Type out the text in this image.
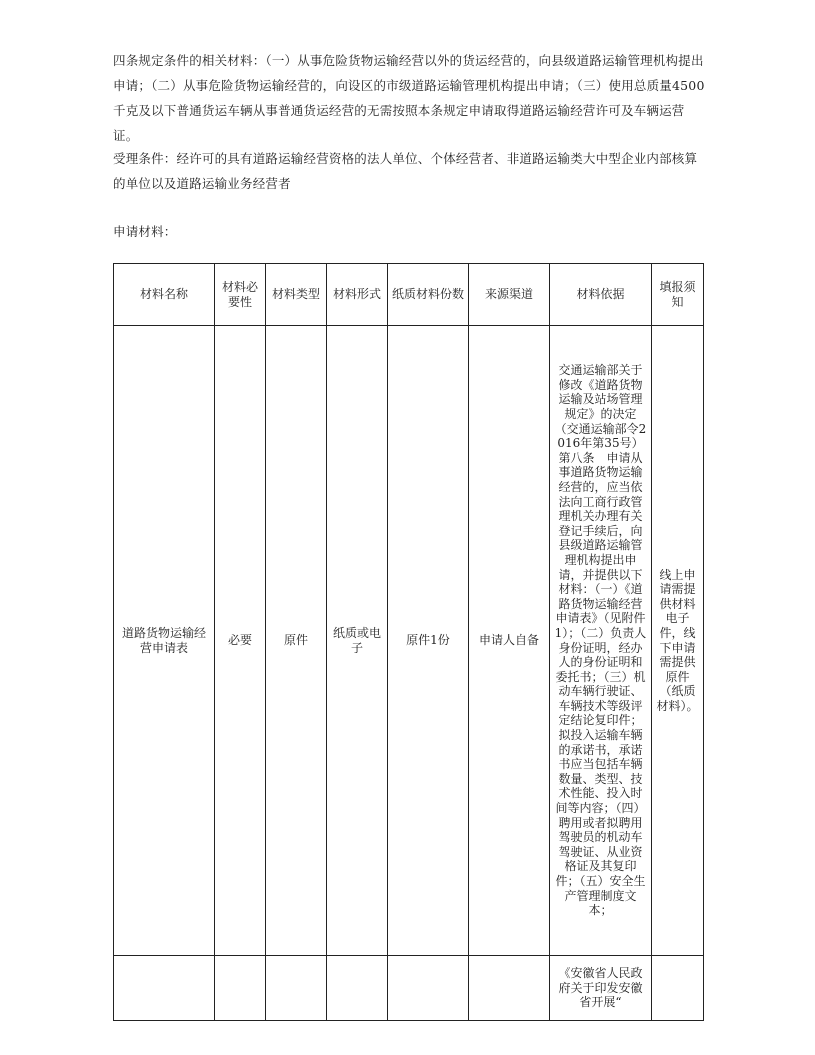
四条规定条件的相关材料：（一）从事危险货物运输经营以外的货运经营的，向县级道路运输管理机构提出申请；（二）从事危险货物运输经营的，向设区的市级道路运输管理机构提出申请；（三）使用总质量4500千克及以下普通货运车辆从事普通货运经营的无需按照本条规定申请取得道路运输经营许可及车辆运营证。

受理条件：经许可的具有道路运输经营资格的法人单位、个体经营者、非道路运输类大中型企业内部核算的单位以及道路运输业务经营者

申请材料：

材料名称	材料必要性	材料类型	材料形式	纸质材料份数	来源渠道	材料依据	填报须知
道路货物运输经营申请表	必要	原件	纸质或电子	原件1份	申请人自备	交通运输部关于修改《道路货物运输及站场管理规定》的决定（交通运输部令2016年第35号）第八条　申请从事道路货物运输经营的，应当依法向工商行政管理机关办理有关登记手续后，向县级道路运输管理机构提出申请，并提供以下材料：（一）《道路货物运输经营申请表》（见附件1）；（二）负责人身份证明，经办人的身份证明和委托书；（三）机动车辆行驶证、车辆技术等级评定结论复印件；拟投入运输车辆的承诺书，承诺书应当包括车辆数量、类型、技术性能、投入时间等内容；（四）聘用或者拟聘用驾驶员的机动车驾驶证、从业资格证及其复印件；（五）安全生产管理制度文本；	线上申请需提供材料电子件，线下申请需提供原件（纸质材料）。
						《安徽省人民政府关于印发安徽省开展“	
